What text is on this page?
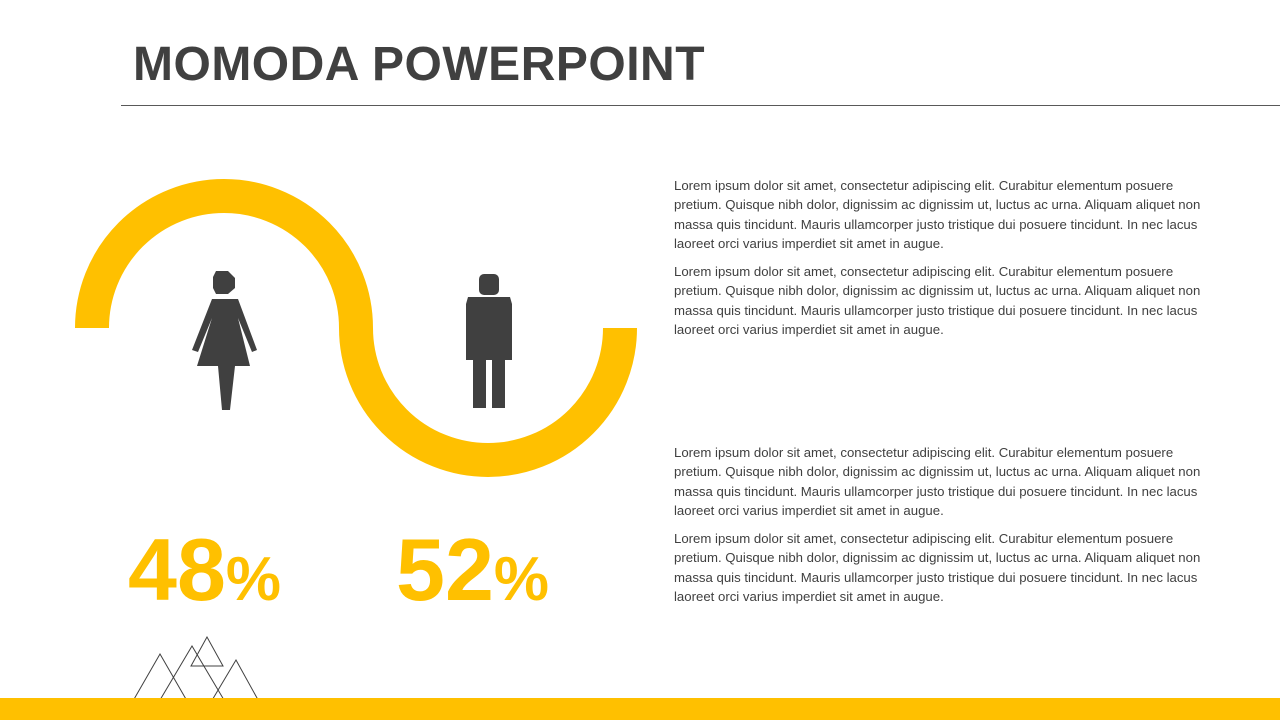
MOMODA POWERPOINT
48% 52%

Lorem ipsum dolor sit amet, consectetur adipiscing elit. Curabitur elementum posuere pretium. Quisque nibh dolor, dignissim ac dignissim ut, luctus ac urna. Aliquam aliquet non massa quis tincidunt. Mauris ullamcorper justo tristique dui posuere tincidunt. In nec lacus laoreet orci varius imperdiet sit amet in augue.

Lorem ipsum dolor sit amet, consectetur adipiscing elit. Curabitur elementum posuere pretium. Quisque nibh dolor, dignissim ac dignissim ut, luctus ac urna. Aliquam aliquet non massa quis tincidunt. Mauris ullamcorper justo tristique dui posuere tincidunt. In nec lacus laoreet orci varius imperdiet sit amet in augue.

Lorem ipsum dolor sit amet, consectetur adipiscing elit. Curabitur elementum posuere pretium. Quisque nibh dolor, dignissim ac dignissim ut, luctus ac urna. Aliquam aliquet non massa quis tincidunt. Mauris ullamcorper justo tristique dui posuere tincidunt. In nec lacus laoreet orci varius imperdiet sit amet in augue.

Lorem ipsum dolor sit amet, consectetur adipiscing elit. Curabitur elementum posuere pretium. Quisque nibh dolor, dignissim ac dignissim ut, luctus ac urna. Aliquam aliquet non massa quis tincidunt. Mauris ullamcorper justo tristique dui posuere tincidunt. In nec lacus laoreet orci varius imperdiet sit amet in augue.
